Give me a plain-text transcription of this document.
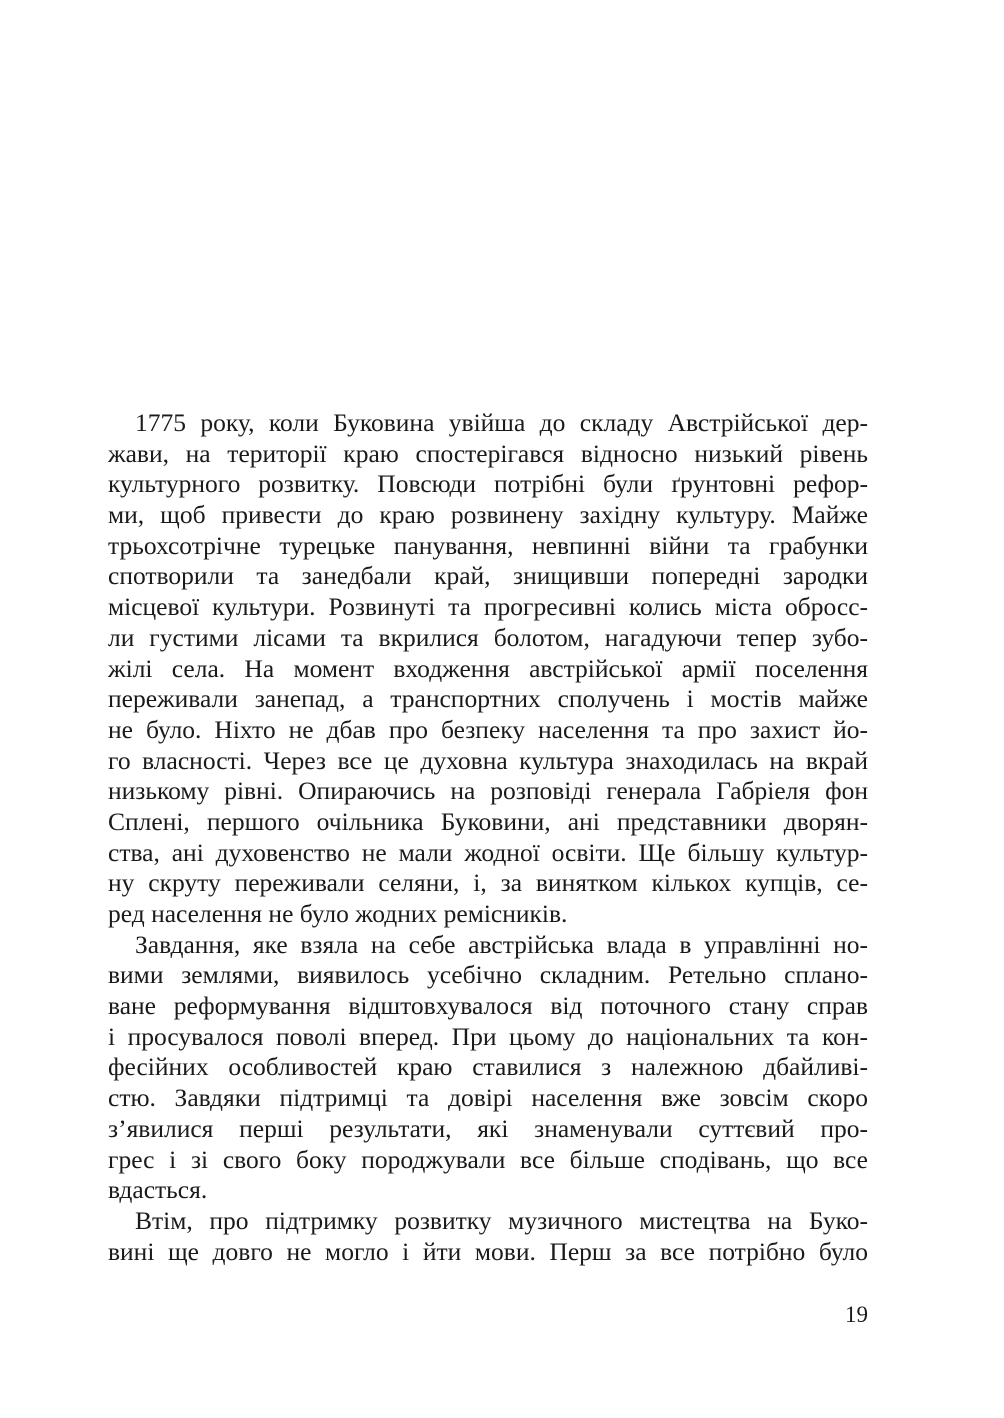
1775 року, коли Буковина увійша до складу Австрійської дер-
жави, на території краю спостерігався відносно низький рівень
культурного розвитку. Повсюди потрібні були ґрунтовні рефор-
ми, щоб привести до краю розвинену західну культуру. Майже
трьохсотрічне турецьке панування, невпинні війни та грабунки
спотворили та занедбали край, знищивши попередні зародки
місцевої культури. Розвинуті та прогресивні колись міста обросс-
ли густими лісами та вкрилися болотом, нагадуючи тепер зубо-
жілі села. На момент входження австрійської армії поселення
переживали занепад, а транспортних сполучень і мостів майже
не було. Ніхто не дбав про безпеку населення та про захист йо-
го власності. Через все це духовна культура знаходилась на вкрай
низькому рівні. Опираючись на розповіді генерала Габріеля фон
Сплені, першого очільника Буковини, ані представники дворян-
ства, ані духовенство не мали жодної освіти. Ще більшу культур-
ну скруту переживали селяни, і, за винятком кількох купців, се-
ред населення не було жодних ремісників.
Завдання, яке взяла на себе австрійська влада в управлінні но-
вими землями, виявилось усебічно складним. Ретельно сплано-
ване реформування відштовхувалося від поточного стану справ
і просувалося поволі вперед. При цьому до національних та кон-
фесійних особливостей краю ставилися з належною дбайливі-
стю. Завдяки підтримці та довірі населення вже зовсім скоро
з’явилися перші результати, які знаменували суттєвий про-
грес і зі свого боку породжували все більше сподівань, що все
вдасться.
Втім, про підтримку розвитку музичного мистецтва на Буко-
вині ще довго не могло і йти мови. Перш за все потрібно було
19
